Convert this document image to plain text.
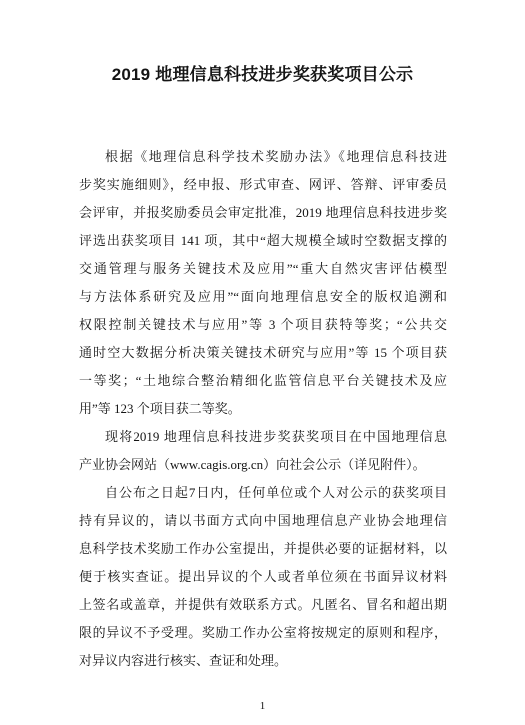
2019 地理信息科技进步奖获奖项目公示
根据《地理信息科学技术奖励办法》《地理信息科技进
步奖实施细则》，经申报、形式审查、网评、答辩、评审委员
会评审，并报奖励委员会审定批准，2019 地理信息科技进步奖
评选出获奖项目 141 项，其中“超大规模全域时空数据支撑的
交通管理与服务关键技术及应用”“重大自然灾害评估模型
与方法体系研究及应用”“面向地理信息安全的版权追溯和
权限控制关键技术与应用”等 3 个项目获特等奖；“公共交
通时空大数据分析决策关键技术研究与应用”等 15 个项目获
一等奖；“土地综合整治精细化监管信息平台关键技术及应
用”等 123 个项目获二等奖。
现将2019 地理信息科技进步奖获奖项目在中国地理信息
产业协会网站（www.cagis.org.cn）向社会公示（详见附件）。
自公布之日起7日内，任何单位或个人对公示的获奖项目
持有异议的，请以书面方式向中国地理信息产业协会地理信
息科学技术奖励工作办公室提出，并提供必要的证据材料，以
便于核实查证。提出异议的个人或者单位须在书面异议材料
上签名或盖章，并提供有效联系方式。凡匿名、冒名和超出期
限的异议不予受理。奖励工作办公室将按规定的原则和程序，
对异议内容进行核实、查证和处理。
1
